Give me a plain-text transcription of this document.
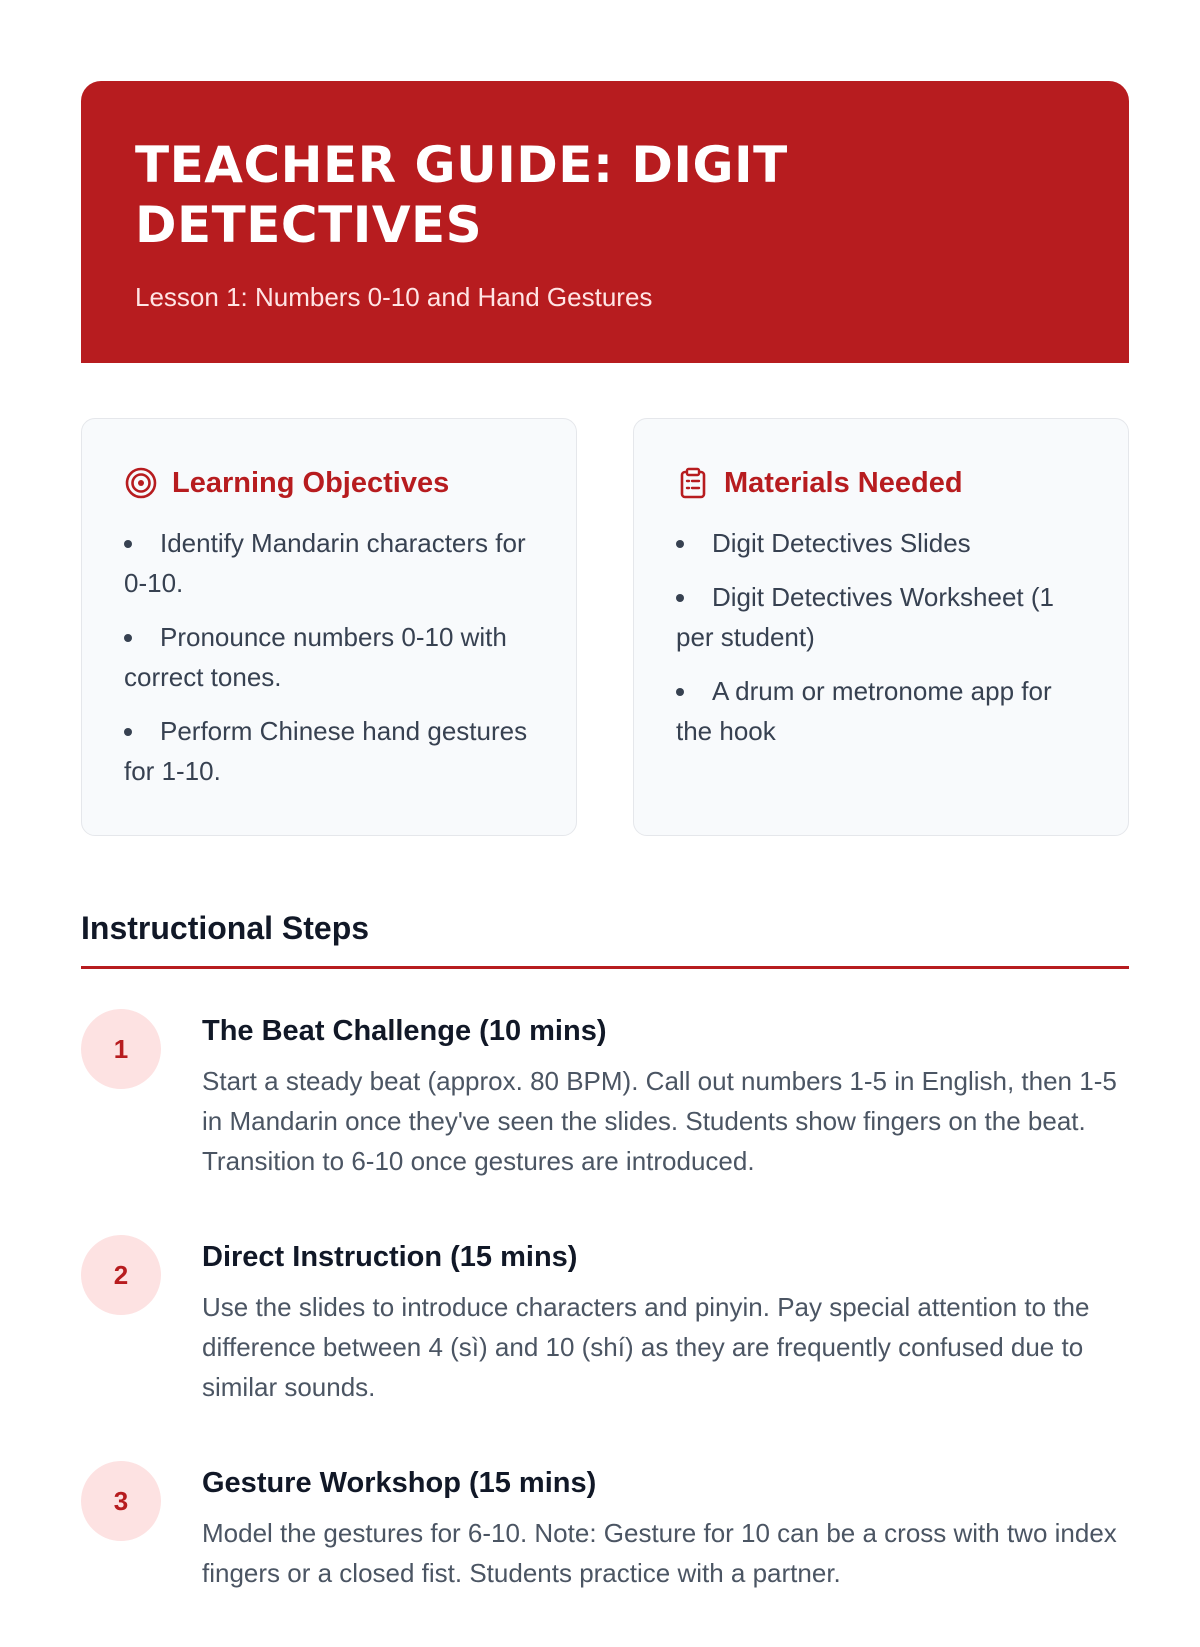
TEACHER GUIDE: DIGIT DETECTIVES

Lesson 1: Numbers 0-10 and Hand Gestures

Learning Objectives
Identify Mandarin characters for 0-10.
Pronounce numbers 0-10 with correct tones.
Perform Chinese hand gestures for 1-10.
Materials Needed
Digit Detectives Slides
Digit Detectives Worksheet (1 per student)
A drum or metronome app for the hook
Instructional Steps
1
The Beat Challenge (10 mins)

Start a steady beat (approx. 80 BPM). Call out numbers 1-5 in English, then 1-5 in Mandarin once they've seen the slides. Students show fingers on the beat. Transition to 6-10 once gestures are introduced.

2
Direct Instruction (15 mins)

Use the slides to introduce characters and pinyin. Pay special attention to the difference between 4 (sì) and 10 (shí) as they are frequently confused due to similar sounds.

3
Gesture Workshop (15 mins)

Model the gestures for 6-10. Note: Gesture for 10 can be a cross with two index fingers or a closed fist. Students practice with a partner.
